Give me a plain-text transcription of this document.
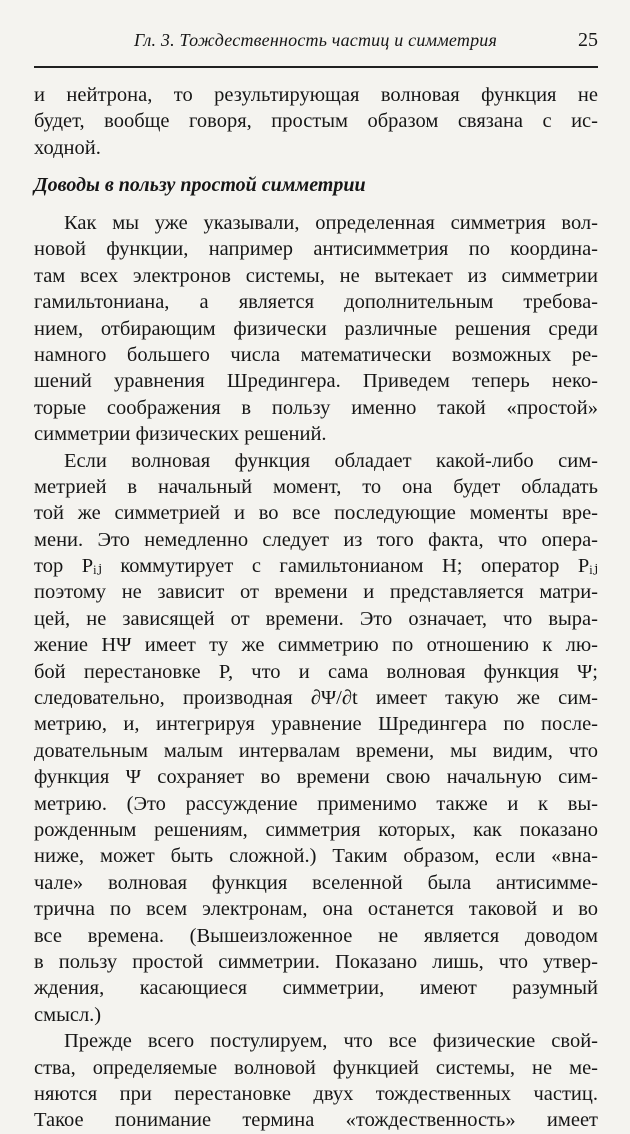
Гл. 3. Тождественность частиц и симметрия	25
и нейтрона, то результирующая волновая функция не
будет, вообще говоря, простым образом связана с ис-
ходной.
Доводы в пользу простой симметрии
Как мы уже указывали, определенная симметрия вол-
новой функции, например антисимметрия по координа-
там всех электронов системы, не вытекает из симметрии
гамильтониана, а является дополнительным требова-
нием, отбирающим физически различные решения среди
намного большего числа математически возможных ре-
шений уравнения Шредингера. Приведем теперь неко-
торые соображения в пользу именно такой «простой»
симметрии физических решений.
Если волновая функция обладает какой-либо сим-
метрией в начальный момент, то она будет обладать
той же симметрией и во все последующие моменты вре-
мени. Это немедленно следует из того факта, что опера-
тор Pᵢⱼ коммутирует с гамильтонианом H; оператор Pᵢⱼ
поэтому не зависит от времени и представляется матри-
цей, не зависящей от времени. Это означает, что выра-
жение HΨ имеет ту же симметрию по отношению к лю-
бой перестановке P, что и сама волновая функция Ψ;
следовательно, производная ∂Ψ/∂t имеет такую же сим-
метрию, и, интегрируя уравнение Шредингера по после-
довательным малым интервалам времени, мы видим, что
функция Ψ сохраняет во времени свою начальную сим-
метрию. (Это рассуждение применимо также и к вы-
рожденным решениям, симметрия которых, как показано
ниже, может быть сложной.) Таким образом, если «вна-
чале» волновая функция вселенной была антисимме-
трична по всем электронам, она останется таковой и во
все времена. (Вышеизложенное не является доводом
в пользу простой симметрии. Показано лишь, что утвер-
ждения, касающиеся симметрии, имеют разумный
смысл.)
Прежде всего постулируем, что все физические свой-
ства, определяемые волновой функцией системы, не ме-
няются при перестановке двух тождественных частиц.
Такое понимание термина «тождественность» имеет
